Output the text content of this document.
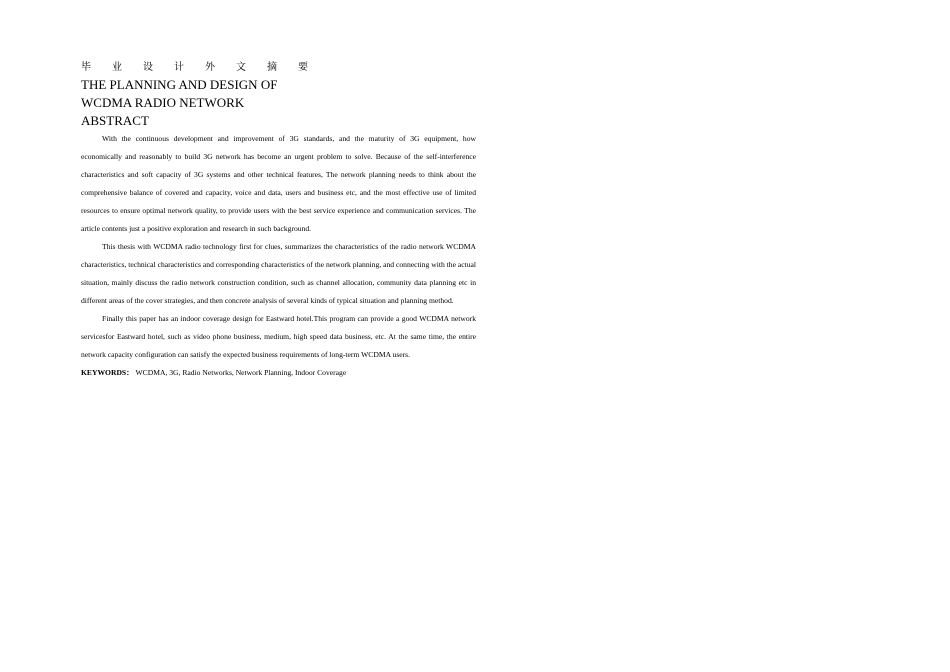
毕 业 设 计 外 文 摘 要
THE PLANNING AND DESIGN OF
WCDMA RADIO NETWORK
ABSTRACT

With the continuous development and improvement of 3G standards, and the maturity of 3G equipment, how economically and reasonably to build 3G network has become an urgent problem to solve. Because of the self-interference characteristics and soft capacity of 3G systems and other technical features, The network planning needs to think about the comprehensive balance of covered and capacity, voice and data, users and business etc, and the most effective use of limited resources to ensure optimal network quality, to provide users with the best service experience and communication services. The article contents just a positive exploration and research in such background.

This thesis with WCDMA radio technology first for clues, summarizes the characteristics of the radio network WCDMA characteristics, technical characteristics and corresponding characteristics of the network planning, and connecting with the actual situation, mainly discuss the radio network construction condition, such as channel allocation, community data planning etc in different areas of the cover strategies, and then concrete analysis of several kinds of typical situation and planning method.

Finally this paper has an indoor coverage design for Eastward hotel.This program can provide a good WCDMA network servicesfor Eastward hotel, such as video phone business, medium, high speed data business, etc. At the same time, the entire network capacity configuration can satisfy the expected business requirements of long-term WCDMA users.

KEYWORDS： WCDMA, 3G, Radio Networks, Network Planning, Indoor Coverage
